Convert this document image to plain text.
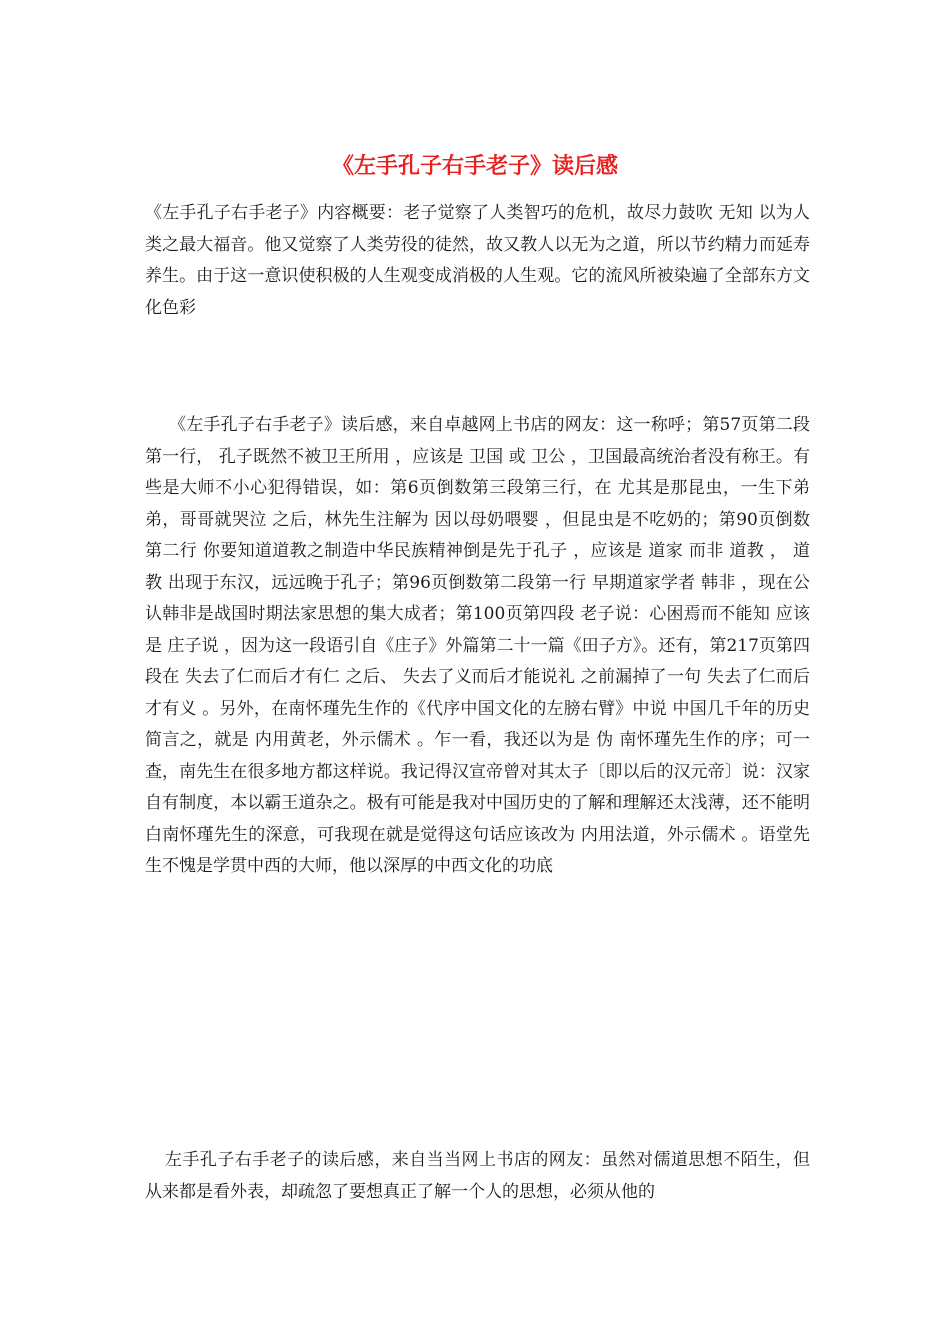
《左手孔子右手老子》读后感

《左手孔子右手老子》内容概要：老子觉察了人类智巧的危机，故尽力鼓吹 无知 以为人类之最大福音。他又觉察了人类劳役的徒然，故又教人以无为之道，所以节约精力而延寿养生。由于这一意识使积极的人生观变成消极的人生观。它的流风所被染遍了全部东方文化色彩

《左手孔子右手老子》读后感，来自卓越网上书店的网友：这一称呼；第57页第二段第一行， 孔子既然不被卫王所用 ，应该是 卫国 或 卫公 ，卫国最高统治者没有称王。有些是大师不小心犯得错误，如：第6页倒数第三段第三行，在 尤其是那昆虫，一生下弟弟，哥哥就哭泣 之后，林先生注解为 因以母奶喂婴 ，但昆虫是不吃奶的；第90页倒数第二行 你要知道道教之制造中华民族精神倒是先于孔子 ，应该是 道家 而非 道教 ， 道教 出现于东汉，远远晚于孔子；第96页倒数第二段第一行 早期道家学者 韩非 ，现在公认韩非是战国时期法家思想的集大成者；第100页第四段 老子说：心困焉而不能知 应该是 庄子说 ，因为这一段语引自《庄子》外篇第二十一篇《田子方》。还有，第217页第四段在 失去了仁而后才有仁 之后、 失去了义而后才能说礼 之前漏掉了一句 失去了仁而后才有义 。另外，在南怀瑾先生作的《代序中国文化的左膀右臂》中说 中国几千年的历史 简言之，就是 内用黄老，外示儒术 。乍一看，我还以为是 伪 南怀瑾先生作的序；可一查，南先生在很多地方都这样说。我记得汉宣帝曾对其太子〔即以后的汉元帝〕说：汉家自有制度，本以霸王道杂之。极有可能是我对中国历史的了解和理解还太浅薄，还不能明白南怀瑾先生的深意，可我现在就是觉得这句话应该改为 内用法道，外示儒术 。语堂先生不愧是学贯中西的大师，他以深厚的中西文化的功底

左手孔子右手老子的读后感，来自当当网上书店的网友：虽然对儒道思想不陌生，但从来都是看外表，却疏忽了要想真正了解一个人的思想，必须从他的
